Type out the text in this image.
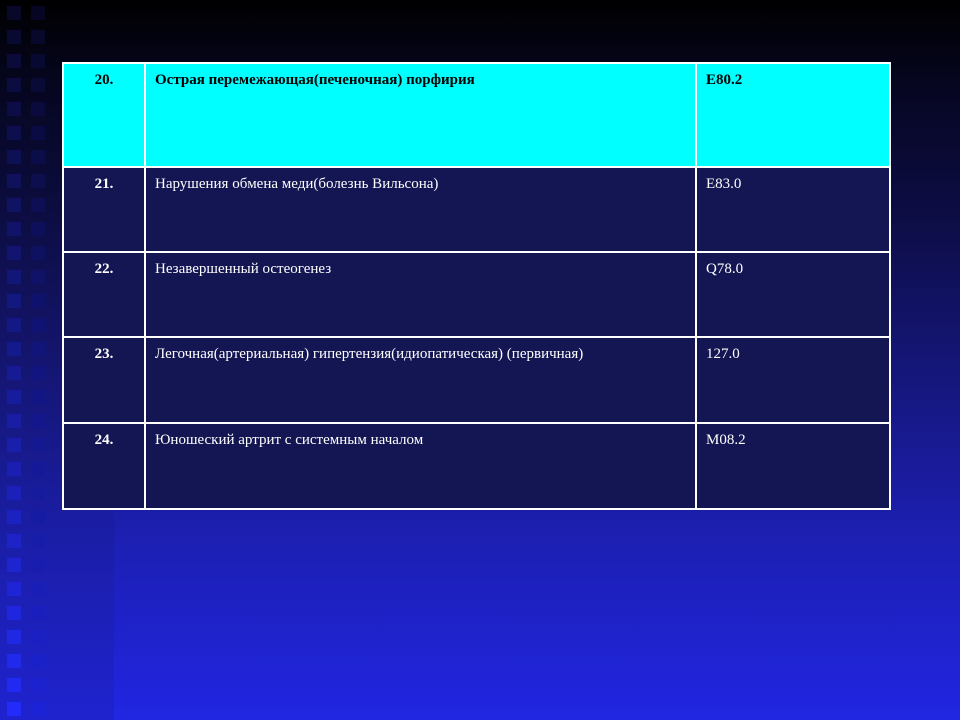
20.	Острая перемежающая(печеночная) порфирия	E80.2
21.	Нарушения обмена меди(болезнь Вильсона)	E83.0
22.	Незавершенный остеогенез	Q78.0
23.	Легочная(артериальная) гипертензия(идиопатическая) (первичная)	127.0
24.	Юношеский артрит с системным началом	M08.2
